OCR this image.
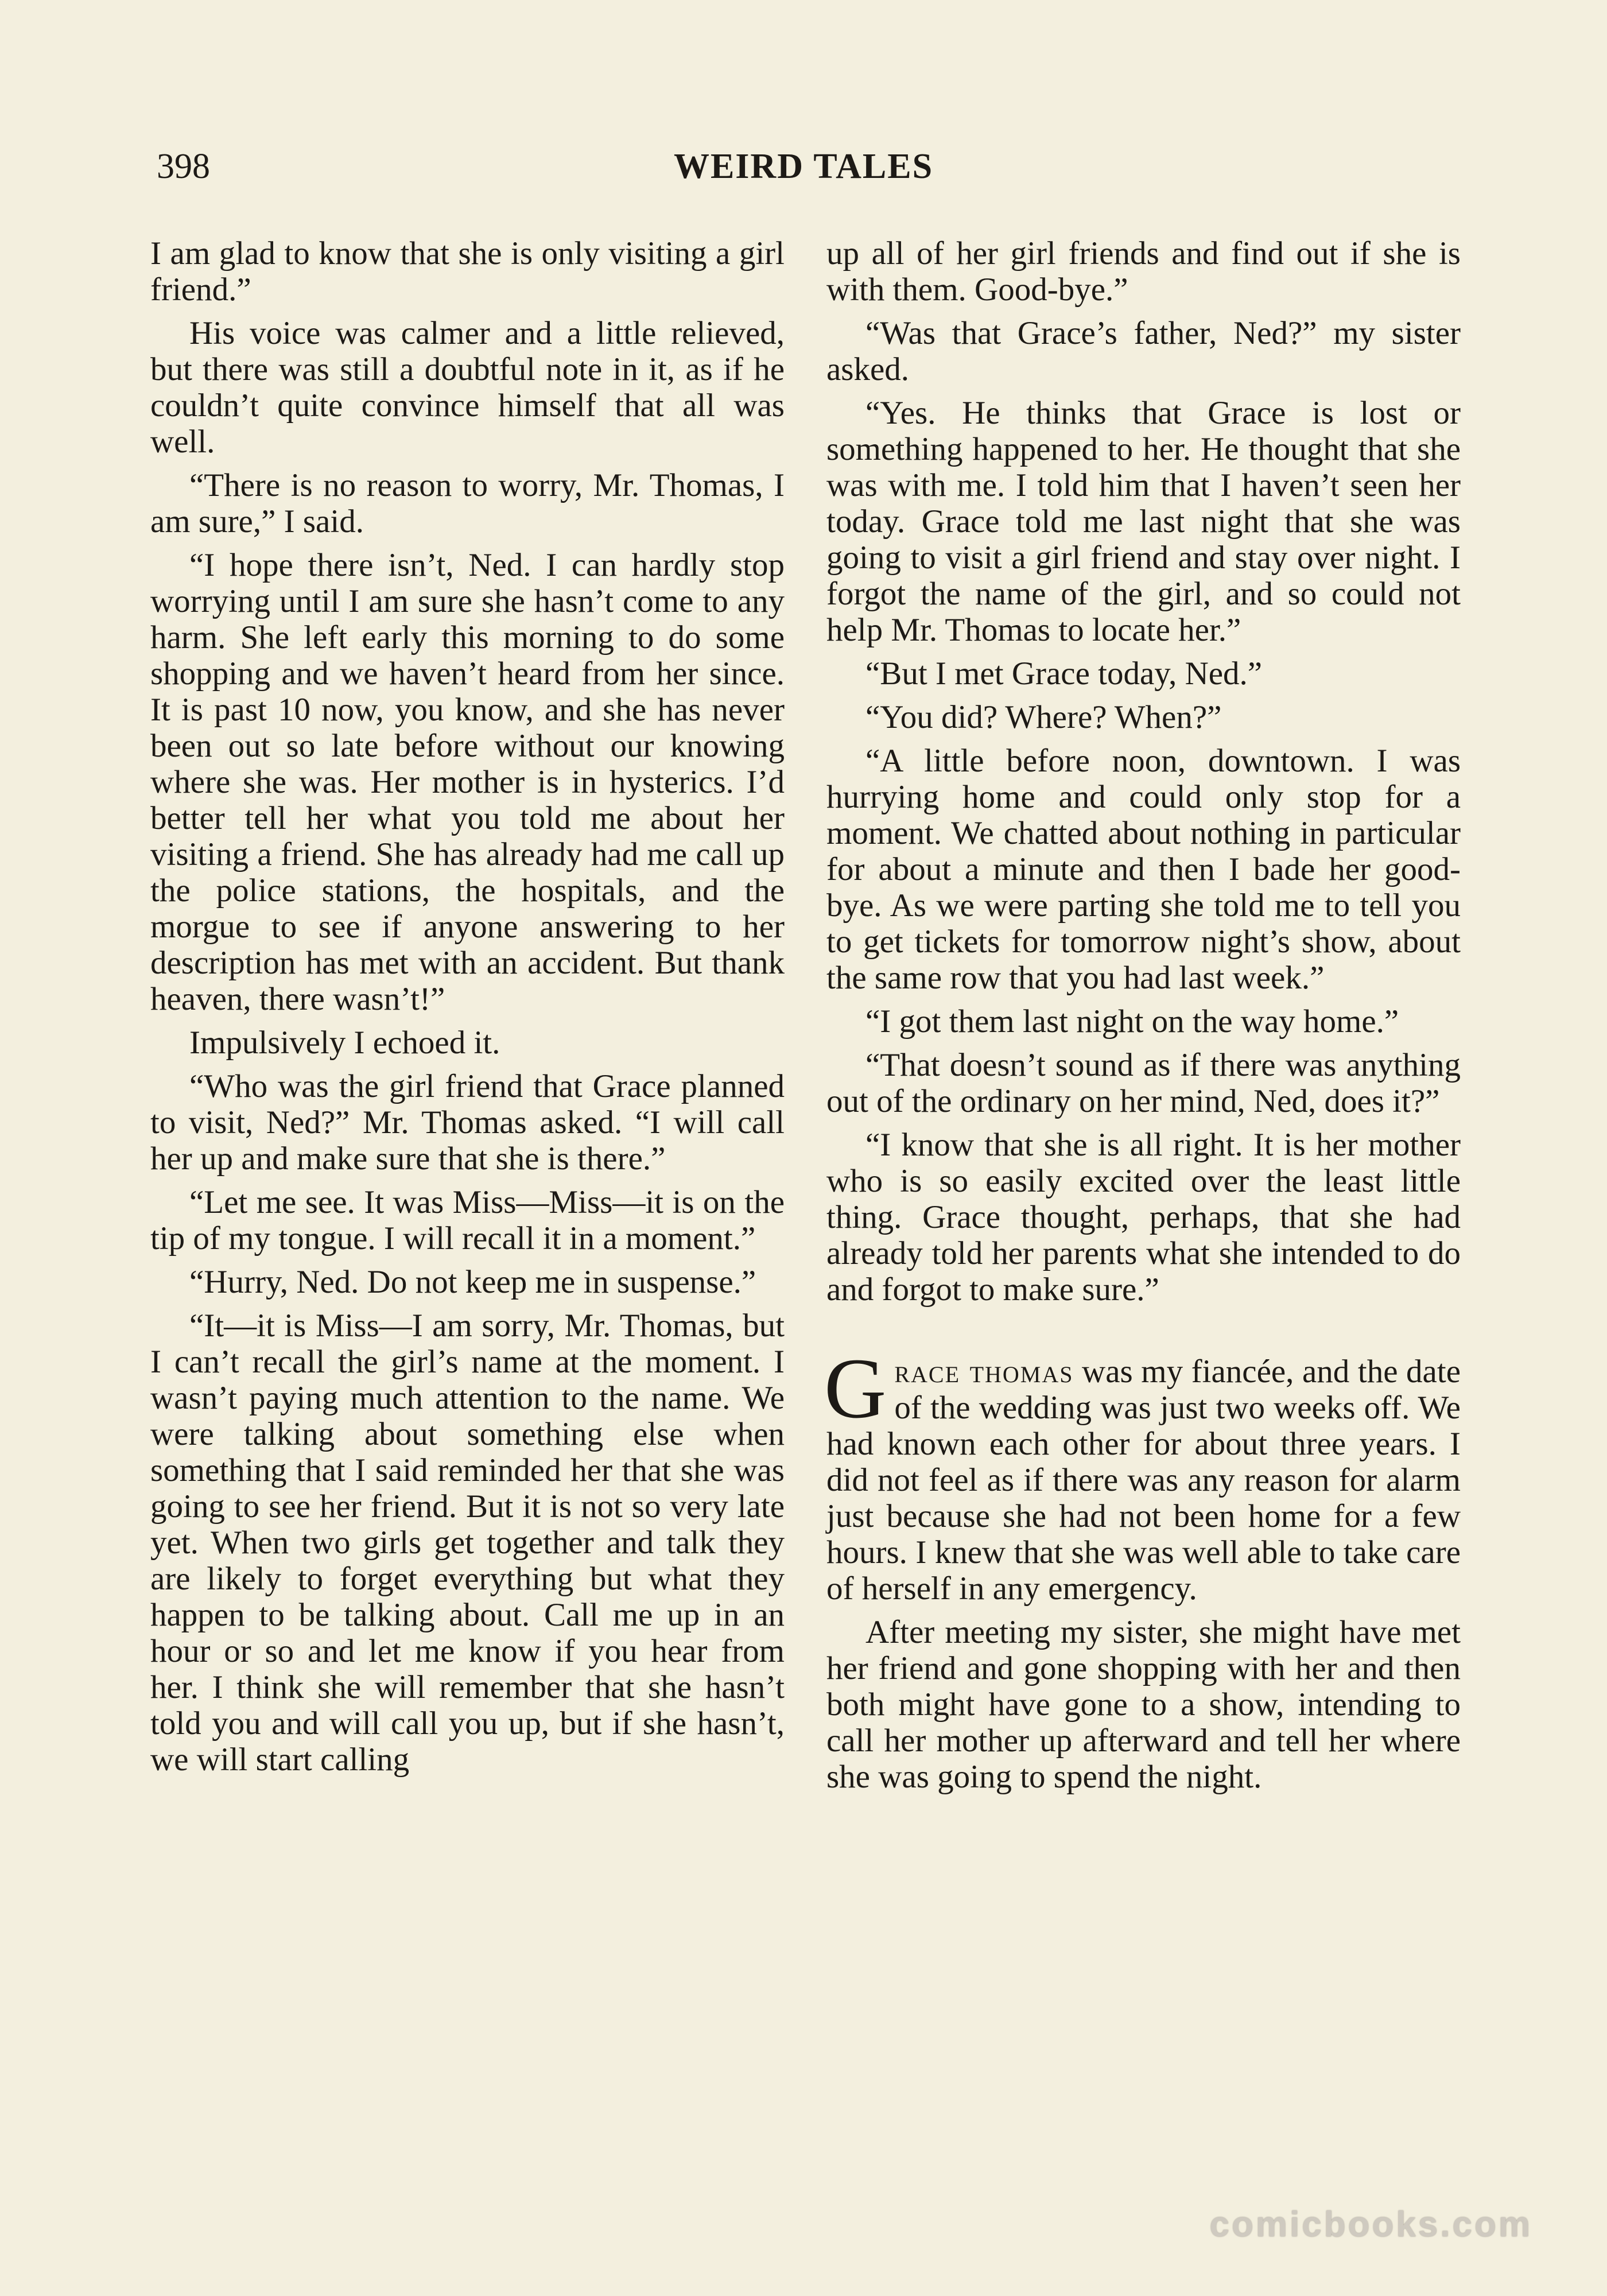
398	WEIRD TALES

I am glad to know that she is only visiting a girl friend.”

His voice was calmer and a little relieved, but there was still a doubtful note in it, as if he couldn’t quite convince himself that all was well.

“There is no reason to worry, Mr. Thomas, I am sure,” I said.

“I hope there isn’t, Ned. I can hardly stop worrying until I am sure she hasn’t come to any harm. She left early this morning to do some shopping and we haven’t heard from her since. It is past 10 now, you know, and she has never been out so late before without our knowing where she was. Her mother is in hysterics. I’d better tell her what you told me about her visiting a friend. She has already had me call up the police stations, the hospitals, and the morgue to see if anyone answering to her description has met with an accident. But thank heaven, there wasn’t!”

Impulsively I echoed it.

“Who was the girl friend that Grace planned to visit, Ned?” Mr. Thomas asked. “I will call her up and make sure that she is there.”

“Let me see. It was Miss—Miss—it is on the tip of my tongue. I will recall it in a moment.”

“Hurry, Ned. Do not keep me in suspense.”

“It—it is Miss—I am sorry, Mr. Thomas, but I can’t recall the girl’s name at the moment. I wasn’t paying much attention to the name. We were talking about something else when something that I said reminded her that she was going to see her friend. But it is not so very late yet. When two girls get together and talk they are likely to forget everything but what they happen to be talking about. Call me up in an hour or so and let me know if you hear from her. I think she will remember that she hasn’t told you and will call you up, but if she hasn’t, we will start calling

up all of her girl friends and find out if she is with them. Good-bye.”

“Was that Grace’s father, Ned?” my sister asked.

“Yes. He thinks that Grace is lost or something happened to her. He thought that she was with me. I told him that I haven’t seen her today. Grace told me last night that she was going to visit a girl friend and stay over night. I forgot the name of the girl, and so could not help Mr. Thomas to locate her.”

“But I met Grace today, Ned.”

“You did? Where? When?”

“A little before noon, downtown. I was hurrying home and could only stop for a moment. We chatted about nothing in particular for about a minute and then I bade her good-bye. As we were parting she told me to tell you to get tickets for tomorrow night’s show, about the same row that you had last week.”

“I got them last night on the way home.”

“That doesn’t sound as if there was anything out of the ordinary on her mind, Ned, does it?”

“I know that she is all right. It is her mother who is so easily excited over the least little thing. Grace thought, perhaps, that she had already told her parents what she intended to do and forgot to make sure.”

Grace thomas was my fiancée, and the date of the wedding was just two weeks off. We had known each other for about three years. I did not feel as if there was any reason for alarm just because she had not been home for a few hours. I knew that she was well able to take care of herself in any emergency.

After meeting my sister, she might have met her friend and gone shopping with her and then both might have gone to a show, intending to call her mother up afterward and tell her where she was going to spend the night.

comicbooks.com
